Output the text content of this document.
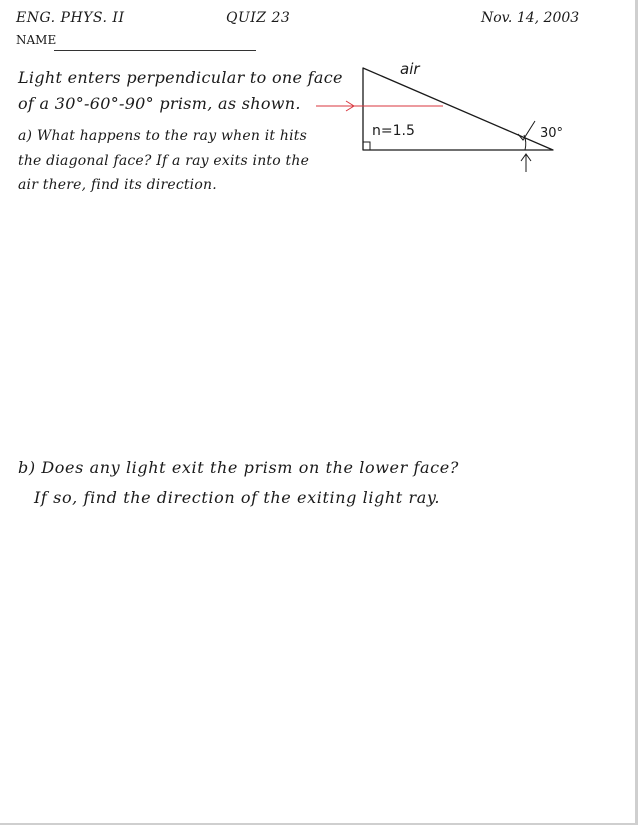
ENG. PHYS. II	QUIZ 23	Nov. 14, 2003
NAME
Light enters perpendicular to one face
of a 30°-60°-90° prism, as shown.
a) What happens to the ray when it hits
the diagonal face? If a ray exits into the
air there, find its direction.
air
n=1.5	30°
b) Does any light exit the prism on the lower face?
If so, find the direction of the exiting light ray.
